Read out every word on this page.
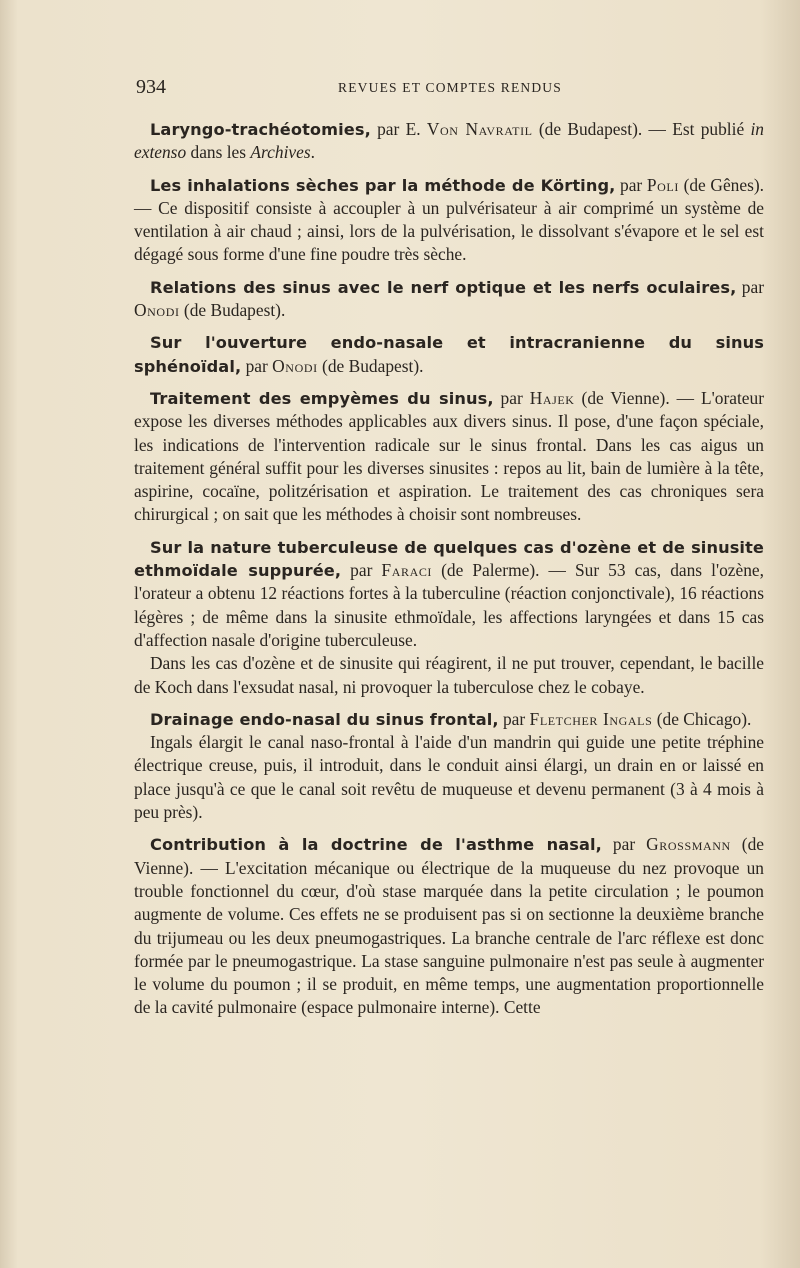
934	REVUES ET COMPTES RENDUS

Laryngo-trachéotomies, par E. Von Navratil (de Budapest). — Est publié in extenso dans les Archives.

Les inhalations sèches par la méthode de Körting, par Poli (de Gênes). — Ce dispositif consiste à accoupler à un pulvérisateur à air comprimé un système de ventilation à air chaud ; ainsi, lors de la pulvérisation, le dissolvant s'évapore et le sel est dégagé sous forme d'une fine poudre très sèche.

Relations des sinus avec le nerf optique et les nerfs oculaires, par Onodi (de Budapest).

Sur l'ouverture endo-nasale et intracranienne du sinus sphénoïdal, par Onodi (de Budapest).

Traitement des empyèmes du sinus, par Hajek (de Vienne). — L'orateur expose les diverses méthodes applicables aux divers sinus. Il pose, d'une façon spéciale, les indications de l'intervention radicale sur le sinus frontal. Dans les cas aigus un traitement général suffit pour les diverses sinusites : repos au lit, bain de lumière à la tête, aspirine, cocaïne, politzérisation et aspiration. Le traitement des cas chroniques sera chirurgical ; on sait que les méthodes à choisir sont nombreuses.

Sur la nature tuberculeuse de quelques cas d'ozène et de sinusite ethmoïdale suppurée, par Faraci (de Palerme). — Sur 53 cas, dans l'ozène, l'orateur a obtenu 12 réactions fortes à la tuberculine (réaction conjonctivale), 16 réactions légères ; de même dans la sinusite ethmoïdale, les affections laryngées et dans 15 cas d'affection nasale d'origine tuberculeuse.

Dans les cas d'ozène et de sinusite qui réagirent, il ne put trouver, cependant, le bacille de Koch dans l'exsudat nasal, ni provoquer la tuberculose chez le cobaye.

Drainage endo-nasal du sinus frontal, par Fletcher Ingals (de Chicago).

Ingals élargit le canal naso-frontal à l'aide d'un mandrin qui guide une petite tréphine électrique creuse, puis, il introduit, dans le conduit ainsi élargi, un drain en or laissé en place jusqu'à ce que le canal soit revêtu de muqueuse et devenu permanent (3 à 4 mois à peu près).

Contribution à la doctrine de l'asthme nasal, par Grossmann (de Vienne). — L'excitation mécanique ou électrique de la muqueuse du nez provoque un trouble fonctionnel du cœur, d'où stase marquée dans la petite circulation ; le poumon augmente de volume. Ces effets ne se produisent pas si on sectionne la deuxième branche du trijumeau ou les deux pneumogastriques. La branche centrale de l'arc réflexe est donc formée par le pneumogastrique. La stase sanguine pulmonaire n'est pas seule à augmenter le volume du poumon ; il se produit, en même temps, une augmentation proportionnelle de la cavité pulmonaire (espace pulmonaire interne). Cette
